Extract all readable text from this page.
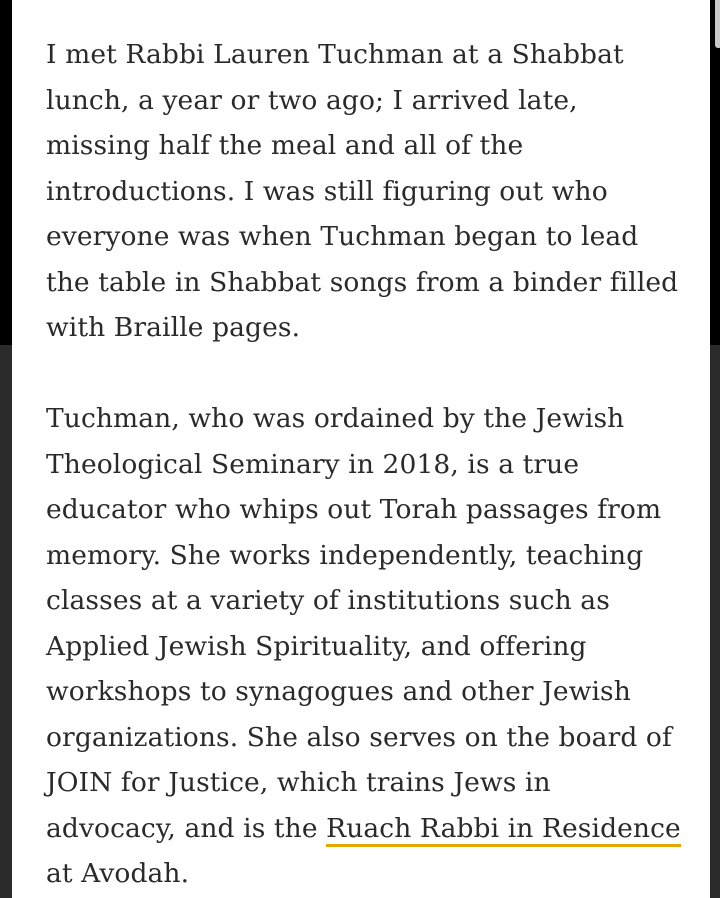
I met Rabbi Lauren Tuchman at a Shabbat lunch, a year or two ago; I arrived late, missing half the meal and all of the introductions. I was still figuring out who everyone was when Tuchman began to lead the table in Shabbat songs from a binder filled with Braille pages.

Tuchman, who was ordained by the Jewish Theological Seminary in 2018, is a true educator who whips out Torah passages from memory. She works independently, teaching classes at a variety of institutions such as Applied Jewish Spirituality, and offering workshops to synagogues and other Jewish organizations. She also serves on the board of JOIN for Justice, which trains Jews in advocacy, and is the Ruach Rabbi in Residence at Avodah.
